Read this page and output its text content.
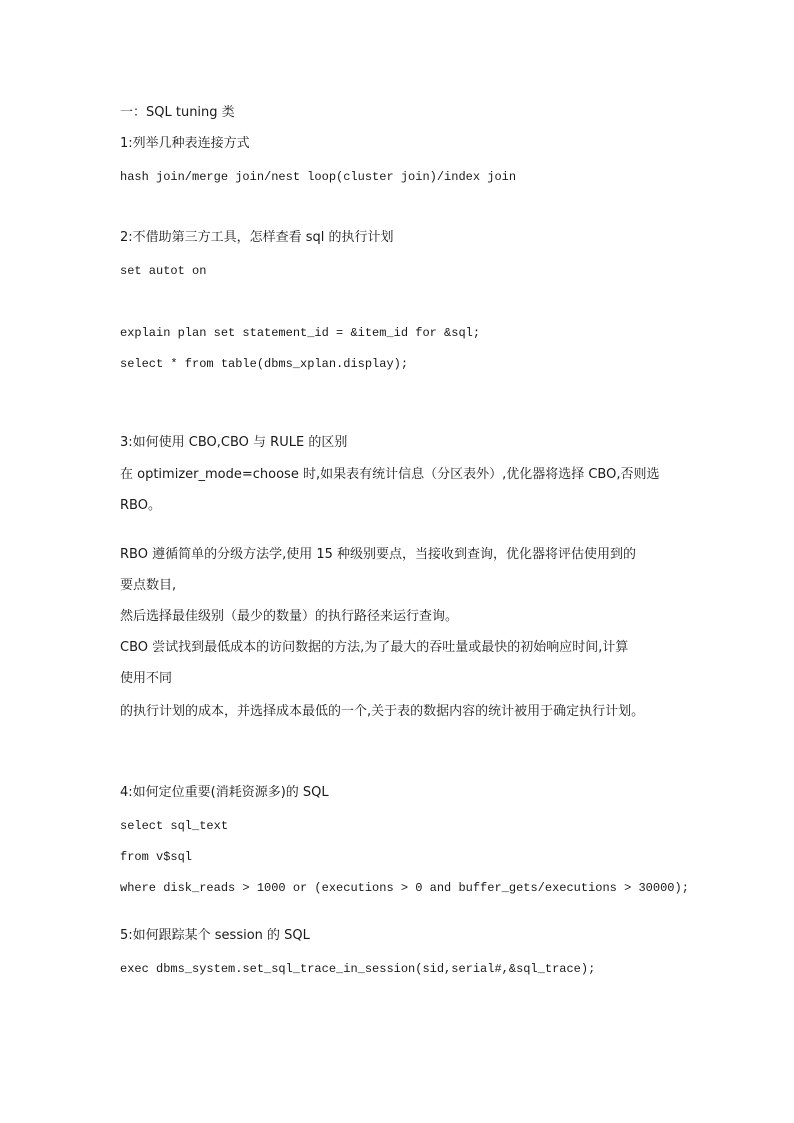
一：SQL tuning 类
1:列举几种表连接方式
hash join/merge join/nest loop(cluster join)/index join
2:不借助第三方工具，怎样查看 sql 的执行计划
set autot on
explain plan set statement_id = &item_id for &sql;
select * from table(dbms_xplan.display);
3:如何使用 CBO,CBO 与 RULE 的区别
在 optimizer_mode=choose 时,如果表有统计信息（分区表外）,优化器将选择 CBO,否则选
RBO。
RBO 遵循简单的分级方法学,使用 15 种级别要点，当接收到查询，优化器将评估使用到的
要点数目,
然后选择最佳级别（最少的数量）的执行路径来运行查询。
CBO 尝试找到最低成本的访问数据的方法,为了最大的吞吐量或最快的初始响应时间,计算
使用不同
的执行计划的成本，并选择成本最低的一个,关于表的数据内容的统计被用于确定执行计划。
4:如何定位重要(消耗资源多)的 SQL
select sql_text
from v$sql
where disk_reads > 1000 or (executions > 0 and buffer_gets/executions > 30000);
5:如何跟踪某个 session 的 SQL
exec dbms_system.set_sql_trace_in_session(sid,serial#,&sql_trace);
